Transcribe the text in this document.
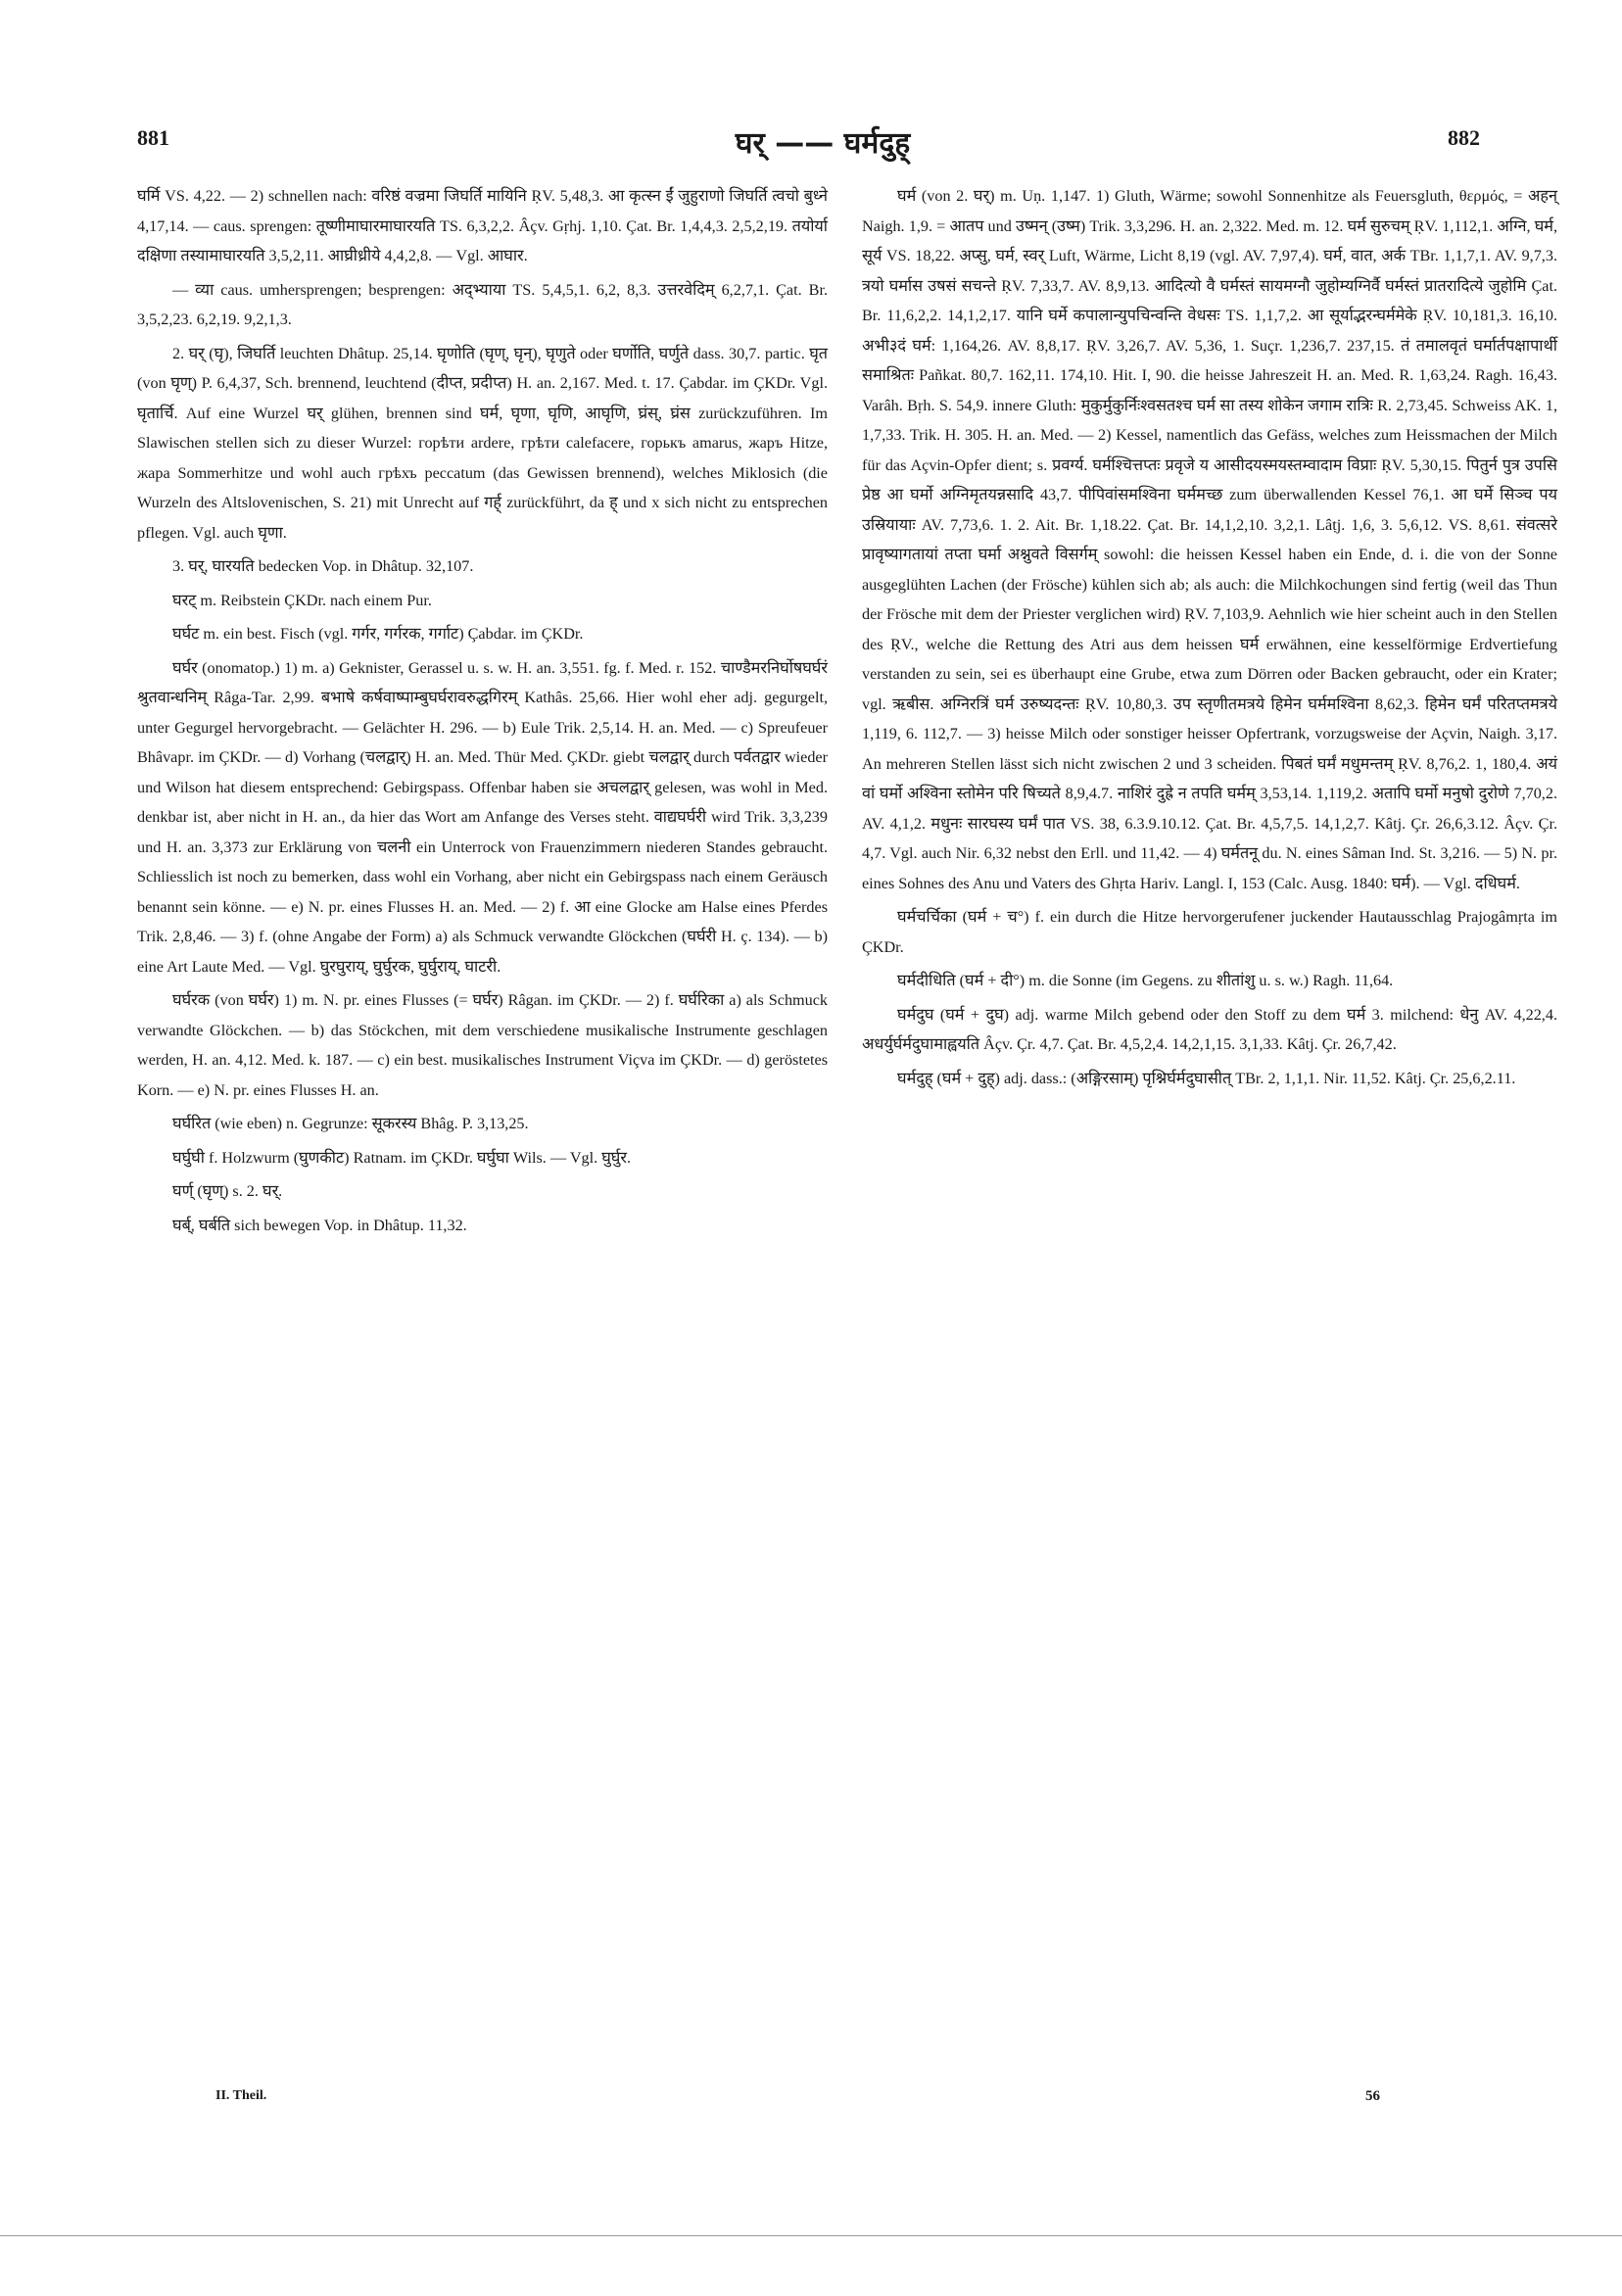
881	घर् —— घर्मदुह्	882

घर्मि VS. 4,22. — 2) schnellen nach: वरिष्ठं वज्रमा जिघर्ति मायिनि ṚV. 5,48,3. आ कृत्स्न ईं जुहुराणो जिघर्ति त्वचो बुध्ने 4,17,14. — caus. sprengen: तूष्णीमाघारमाघारयति TS. 6,3,2,2. Âçv. Gṛhj. 1,10. Çat. Br. 1,4,4,3. 2,5,2,19. तयोर्या दक्षिणा तस्यामाघारयति 3,5,2,11. आघ्रीध्रीये 4,4,2,8. — Vgl. आघार.

— व्या caus. umhersprengen; besprengen: अद्भ्याया TS. 5,4,5,1. 6,2, 8,3. उत्तरवेदिम् 6,2,7,1. Çat. Br. 3,5,2,23. 6,2,19. 9,2,1,3.

2. घर् (घृ), जिघर्ति leuchten Dhâtup. 25,14. घृणोति (घृण्, घृन्), घृणुते oder घर्णोति, घर्णुते dass. 30,7. partic. घृत (von घृण्) P. 6,4,37, Sch. brennend, leuchtend (दीप्त, प्रदीप्त) H. an. 2,167. Med. t. 17. Çabdar. im ÇKDr. Vgl. घृतार्चि. Auf eine Wurzel घर् glühen, brennen sind घर्म, घृणा, घृणि, आघृणि, घ्रंस्, घ्रंस zurückzuführen. Im Slawischen stellen sich zu dieser Wurzel: горѣти ardere, грѣти calefacere, горькъ amarus, жаръ Hitze, жара Sommerhitze und wohl auch грѣхъ peccatum (das Gewissen brennend), welches Miklosich (die Wurzeln des Altslovenischen, S. 21) mit Unrecht auf गर्ह् zurückführt, da ह् und х sich nicht zu entsprechen pflegen. Vgl. auch घृणा.

3. घर्, घारयति bedecken Vop. in Dhâtup. 32,107.

घरट् m. Reibstein ÇKDr. nach einem Pur.

घर्घट m. ein best. Fisch (vgl. गर्गर, गर्गरक, गर्गाट) Çabdar. im ÇKDr.

घर्घर (onomatop.) 1) m. a) Geknister, Gerassel u. s. w. H. an. 3,551. fg. f. Med. r. 152. चाण्डैमरनिर्घोषघर्घरं श्रुतवान्धनिम् Râga-Tar. 2,99. बभाषे कर्षवाष्पाम्बुघर्घरावरुद्धगिरम् Kathâs. 25,66. Hier wohl eher adj. gegurgelt, unter Gegurgel hervorgebracht. — Gelächter H. 296. — b) Eule Trik. 2,5,14. H. an. Med. — c) Spreufeuer Bhâvapr. im ÇKDr. — d) Vorhang (चलद्वार्) H. an. Med. Thür Med. ÇKDr. giebt चलद्वार् durch पर्वतद्वार wieder und Wilson hat diesem entsprechend: Gebirgspass. Offenbar haben sie अचलद्वार् gelesen, was wohl in Med. denkbar ist, aber nicht in H. an., da hier das Wort am Anfange des Verses steht. वाद्यघर्घरी wird Trik. 3,3,239 und H. an. 3,373 zur Erklärung von चलनी ein Unterrock von Frauenzimmern niederen Standes gebraucht. Schliesslich ist noch zu bemerken, dass wohl ein Vorhang, aber nicht ein Gebirgspass nach einem Geräusch benannt sein könne. — e) N. pr. eines Flusses H. an. Med. — 2) f. आ eine Glocke am Halse eines Pferdes Trik. 2,8,46. — 3) f. (ohne Angabe der Form) a) als Schmuck verwandte Glöckchen (घर्घरी H. ç. 134). — b) eine Art Laute Med. — Vgl. घुरघुराय्, घुर्घुरक, घुर्घुराय्, घाटरी.

घर्घरक (von घर्घर) 1) m. N. pr. eines Flusses (= घर्घर) Râgan. im ÇKDr. — 2) f. घर्घरिका a) als Schmuck verwandte Glöckchen. — b) das Stöckchen, mit dem verschiedene musikalische Instrumente geschlagen werden, H. an. 4,12. Med. k. 187. — c) ein best. musikalisches Instrument Viçva im ÇKDr. — d) geröstetes Korn. — e) N. pr. eines Flusses H. an.

घर्घरित (wie eben) n. Gegrunze: सूकरस्य Bhâg. P. 3,13,25.

घर्घुघी f. Holzwurm (घुणकीट) Ratnam. im ÇKDr. घर्घुघा Wils. — Vgl. घुर्घुर.

घर्ण् (घृण्) s. 2. घर्.

घर्ब्, घर्बति sich bewegen Vop. in Dhâtup. 11,32.

घर्म (von 2. घर्) m. Uṇ. 1,147. 1) Gluth, Wärme; sowohl Sonnenhitze als Feuersgluth, θερμός, = अहन् Naigh. 1,9. = आतप und उष्मन् (उष्म) Trik. 3,3,296. H. an. 2,322. Med. m. 12. घर्म सुरुचम् ṚV. 1,112,1. अग्नि, घर्म, सूर्य VS. 18,22. अप्सु, घर्म, स्वर् Luft, Wärme, Licht 8,19 (vgl. AV. 7,97,4). घर्म, वात, अर्क TBr. 1,1,7,1. AV. 9,7,3. त्रयो घर्मास उषसं सचन्ते ṚV. 7,33,7. AV. 8,9,13. आदित्यो वै घर्मस्तं सायमग्नौ जुहोम्यग्निर्वै घर्मस्तं प्रातरादित्ये जुहोमि Çat. Br. 11,6,2,2. 14,1,2,17. यानि घर्मे कपालान्युपचिन्वन्ति वेधसः TS. 1,1,7,2. आ सूर्याद्भरन्घर्ममेके ṚV. 10,181,3. 16,10. अभी३दं घर्म: 1,164,26. AV. 8,8,17. ṚV. 3,26,7. AV. 5,36, 1. Suçr. 1,236,7. 237,15. तं तमालवृतं घर्मार्तपक्षापार्थी समाश्रितः Pañkat. 80,7. 162,11. 174,10. Hit. I, 90. die heisse Jahreszeit H. an. Med. R. 1,63,24. Ragh. 16,43. Varâh. Bṛh. S. 54,9. innere Gluth: मुकुर्मुकुर्निःश्वसतश्च घर्म सा तस्य शोकेन जगाम रात्रिः R. 2,73,45. Schweiss AK. 1, 1,7,33. Trik. H. 305. H. an. Med. — 2) Kessel, namentlich das Gefäss, welches zum Heissmachen der Milch für das Açvin-Opfer dient; s. प्रवर्ग्य. घर्मश्चित्तप्तः प्रवृजे य आसीदयस्मयस्तम्वादाम विप्राः ṚV. 5,30,15. पितुर्न पुत्र उपसि प्रेष्ठ आ घर्मो अग्निमृतयन्नसादि 43,7. पीपिवांसमश्विना घर्ममच्छ zum überwallenden Kessel 76,1. आ घर्मे सिञ्च पय उस्रियायाः AV. 7,73,6. 1. 2. Ait. Br. 1,18.22. Çat. Br. 14,1,2,10. 3,2,1. Lâṭj. 1,6, 3. 5,6,12. VS. 8,61. संवत्सरे प्रावृष्यागतायां तप्ता घर्मा अश्नुवते विसर्गम् sowohl: die heissen Kessel haben ein Ende, d. i. die von der Sonne ausgeglühten Lachen (der Frösche) kühlen sich ab; als auch: die Milchkochungen sind fertig (weil das Thun der Frösche mit dem der Priester verglichen wird) ṚV. 7,103,9. Aehnlich wie hier scheint auch in den Stellen des ṚV., welche die Rettung des Atri aus dem heissen घर्म erwähnen, eine kesselförmige Erdvertiefung verstanden zu sein, sei es überhaupt eine Grube, etwa zum Dörren oder Backen gebraucht, oder ein Krater; vgl. ऋबीस. अग्निरत्रिं घर्म उरुष्यदन्तः ṚV. 10,80,3. उप स्तृणीतमत्रये हिमेन घर्ममश्विना 8,62,3. हिमेन घर्मं परितप्तमत्रये 1,119, 6. 112,7. — 3) heisse Milch oder sonstiger heisser Opfertrank, vorzugsweise der Açvin, Naigh. 3,17. An mehreren Stellen lässt sich nicht zwischen 2 und 3 scheiden. पिबतं घर्मं मधुमन्तम् ṚV. 8,76,2. 1, 180,4. अयं वां घर्मो अश्विना स्तोमेन परि षिच्यते 8,9,4.7. नाशिरं दुह्रे न तपति घर्मम् 3,53,14. 1,119,2. अतापि घर्मो मनुषो दुरोणे 7,70,2. AV. 4,1,2. मधुनः सारघस्य घर्मं पात VS. 38, 6.3.9.10.12. Çat. Br. 4,5,7,5. 14,1,2,7. Kâtj. Çr. 26,6,3.12. Âçv. Çr. 4,7. Vgl. auch Nir. 6,32 nebst den Erll. und 11,42. — 4) घर्मतनू du. N. eines Sâman Ind. St. 3,216. — 5) N. pr. eines Sohnes des Anu und Vaters des Ghṛta Hariv. Langl. I, 153 (Calc. Ausg. 1840: घर्म). — Vgl. दधिघर्म.

घर्मचर्चिका (घर्म + च°) f. ein durch die Hitze hervorgerufener juckender Hautausschlag Prajogâmṛta im ÇKDr.

घर्मदीधिति (घर्म + दी°) m. die Sonne (im Gegens. zu शीतांशु u. s. w.) Ragh. 11,64.

घर्मदुघ (घर्म + दुघ) adj. warme Milch gebend oder den Stoff zu dem घर्म 3. milchend: धेनु AV. 4,22,4. अधर्युर्घर्मदुघामाह्वयति Âçv. Çr. 4,7. Çat. Br. 4,5,2,4. 14,2,1,15. 3,1,33. Kâtj. Çr. 26,7,42.

घर्मदुह् (घर्म + दुह्) adj. dass.: (अङ्गिरसाम्) पृश्निर्घर्मदुघासीत् TBr. 2, 1,1,1. Nir. 11,52. Kâtj. Çr. 25,6,2.11.

II. Theil.	56
